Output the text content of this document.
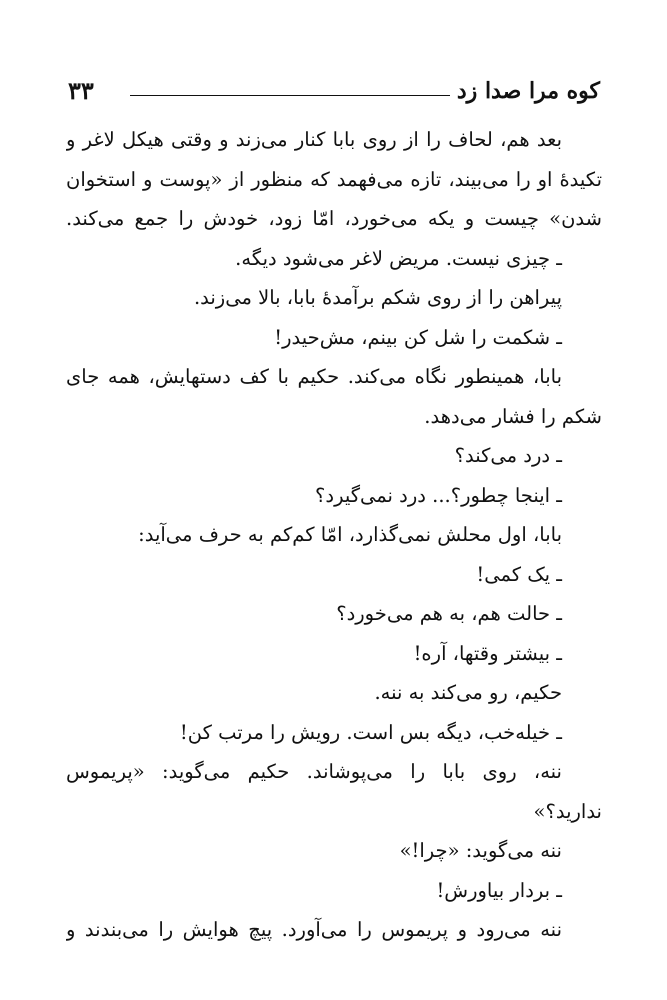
کوه مرا صدا زد
۳۳
بعد هم، لحاف را از روی بابا کنار می‌زند و وقتی هیکل لاغر و
تکیدهٔ او را می‌بیند، تازه می‌فهمد که منظور از «پوست و استخوان
شدن» چیست و یکه می‌خورد، امّا زود، خودش را جمع می‌کند.
ـ چیزی نیست. مریض لاغر می‌شود دیگه.
پیراهن را از روی شکم برآمدهٔ بابا، بالا می‌زند.
ـ شکمت را شل کن بینم، مش‌حیدر!
بابا، همینطور نگاه می‌کند. حکیم با کف دستهایش، همه جای
شکم را فشار می‌دهد.
ـ درد می‌کند؟
ـ اینجا چطور؟... درد نمی‌گیرد؟
بابا، اول محلش نمی‌گذارد، امّا کم‌کم به حرف می‌آید:
ـ یک کمی!
ـ حالت هم، به هم می‌خورد؟
ـ بیشتر وقتها، آره!
حکیم، رو می‌کند به ننه.
ـ خیله‌خب، دیگه بس است. رویش را مرتب کن!
ننه، روی بابا را می‌پوشاند. حکیم می‌گوید: «پریموس
ندارید؟»
ننه می‌گوید: «چرا!»
ـ بردار بیاورش!
ننه می‌رود و پریموس را می‌آورد. پیچ هوایش را می‌بندند و
